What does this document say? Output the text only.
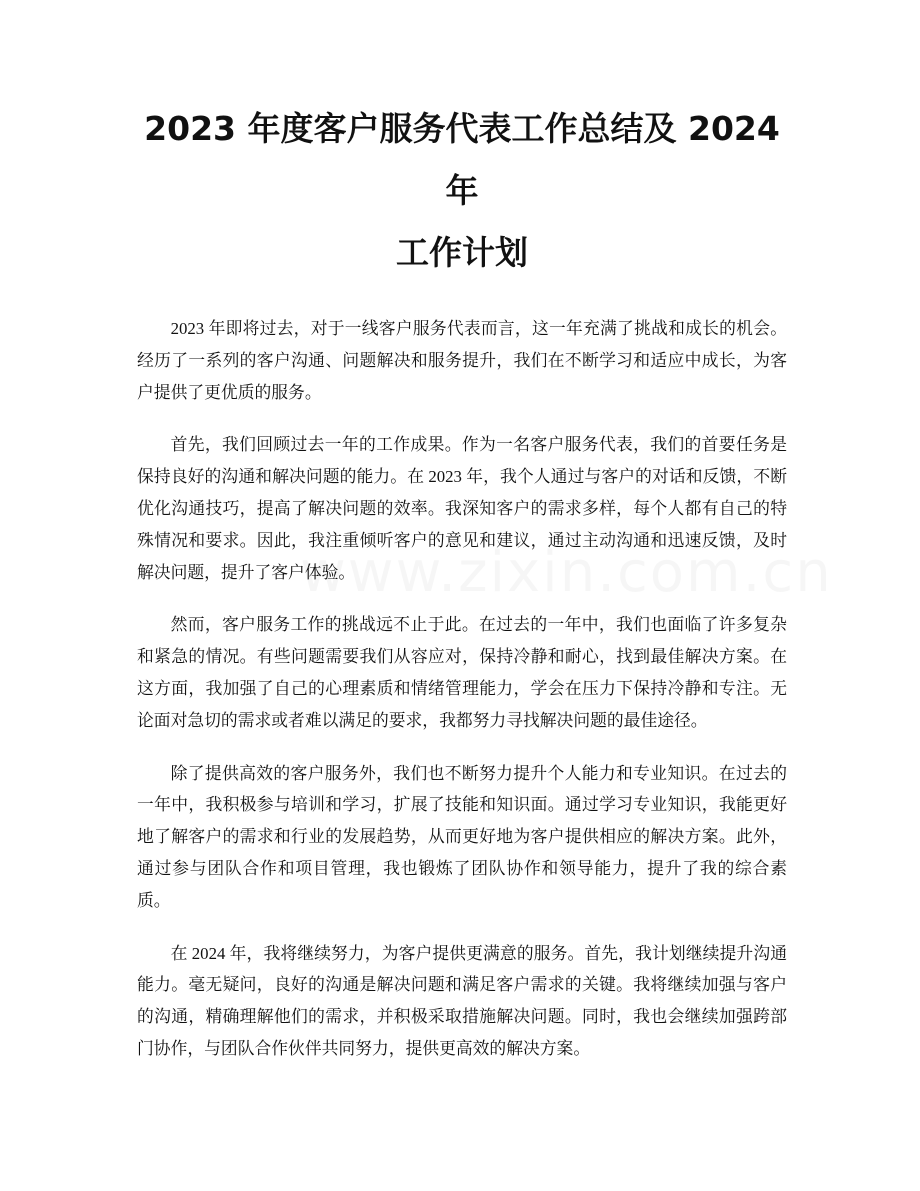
2023 年度客户服务代表工作总结及 2024 年
工作计划

2023 年即将过去，对于一线客户服务代表而言，这一年充满了挑战和成长的机会。经历了一系列的客户沟通、问题解决和服务提升，我们在不断学习和适应中成长，为客户提供了更优质的服务。

首先，我们回顾过去一年的工作成果。作为一名客户服务代表，我们的首要任务是保持良好的沟通和解决问题的能力。在 2023 年，我个人通过与客户的对话和反馈，不断优化沟通技巧，提高了解决问题的效率。我深知客户的需求多样，每个人都有自己的特殊情况和要求。因此，我注重倾听客户的意见和建议，通过主动沟通和迅速反馈，及时解决问题，提升了客户体验。

然而，客户服务工作的挑战远不止于此。在过去的一年中，我们也面临了许多复杂和紧急的情况。有些问题需要我们从容应对，保持冷静和耐心，找到最佳解决方案。在这方面，我加强了自己的心理素质和情绪管理能力，学会在压力下保持冷静和专注。无论面对急切的需求或者难以满足的要求，我都努力寻找解决问题的最佳途径。

除了提供高效的客户服务外，我们也不断努力提升个人能力和专业知识。在过去的一年中，我积极参与培训和学习，扩展了技能和知识面。通过学习专业知识，我能更好地了解客户的需求和行业的发展趋势，从而更好地为客户提供相应的解决方案。此外，通过参与团队合作和项目管理，我也锻炼了团队协作和领导能力，提升了我的综合素质。

在 2024 年，我将继续努力，为客户提供更满意的服务。首先，我计划继续提升沟通能力。毫无疑问，良好的沟通是解决问题和满足客户需求的关键。我将继续加强与客户的沟通，精确理解他们的需求，并积极采取措施解决问题。同时，我也会继续加强跨部门协作，与团队合作伙伴共同努力，提供更高效的解决方案。
